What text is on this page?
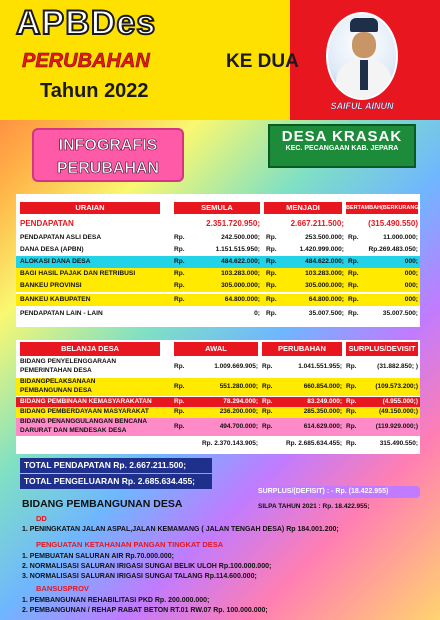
APBDes
PERUBAHAN	KE DUA
Tahun 2022
SAIFUL AINUN
INFOGRAFIS
PERUBAHAN
DESA KRASAK
KEC. PECANGAAN KAB. JEPARA
URAIAN	SEMULA	MENJADI	BERTAMBAH(BERKURANG)
PENDAPATAN	2.351.720.950;	2.667.211.500;	(315.490.550)
PENDAPATAN ASLI DESA	Rp.	242.500.000; Rp.	253.500.000; Rp.	11.000.000;
DANA DESA (APBN)	Rp.	1.151.515.950; Rp.	1.420.999.000;	Rp.269.483.050;
ALOKASI DANA DESA	Rp.	484.622.000; Rp.	484.622.000; Rp.	000;
BAGI HASIL PAJAK DAN RETRIBUSI	Rp.	103.283.000; Rp.	103.283.000; Rp.	000;
BANKEU PROVINSI	Rp.	305.000.000; Rp.	305.000.000; Rp.	000;
BANKEU KABUPATEN	Rp.	64.800.000; Rp.	64.800.000; Rp.	000;
PENDAPATAN LAIN - LAIN	0; Rp.	35.007.500; Rp.	35.007.500;
BELANJA DESA	AWAL	PERUBAHAN	SURPLUS/DEVISIT
BIDANG PENYELENGGARAAN
PEMERINTAHAN DESA
Rp.	1.009.669.905; Rp.	1.041.551.955; Rp.	(31.882.850; )
BIDANGPELAKSANAAN
PEMBANGUNAN DESA
Rp.	551.280.000; Rp.	660.854.000; Rp.	(109.573.200;)
BIDANG PEMBINAAN KEMASYARAKATAN	Rp.	78.294.000; Rp.	83.249.000; Rp.	(4.955.000;)
BIDANG PEMBERDAYAAN MASYARAKAT	Rp.	236.200.000; Rp.	285.350.000; Rp.	(49.150.000;)
BIDANG PENANGGULANGAN BENCANA
DARURAT DAN MENDESAK DESA
Rp.	494.700.000; Rp.	614.629.000; Rp.	(119.929.000;)
Rp. 2.370.143.905;	Rp. 2.685.634.455; Rp.	315.490.550;
TOTAL PENDAPATAN Rp. 2.667.211.500;
TOTAL PENGELUARAN Rp. 2.685.634.455;
SURPLUS/(DEFISIT) : - Rp. (18.422.955)
BIDANG PEMBANGUNAN DESA	SILPA TAHUN 2021 : Rp. 18.422.955;
DD
1. PENINGKATAN JALAN ASPAL,JALAN KEMAMANG ( JALAN TENGAH DESA) Rp 184.001.200;
PENGUATAN KETAHANAN PANGAN TINGKAT DESA
1. PEMBUATAN SALURAN AIR Rp.70.000.000;
2. NORMALISASI SALURAN IRIGASI SUNGAI BELIK ULOH Rp.100.000.000;
3. NORMALISASI SALURAN IRIGASI SUNGAI TALANG Rp.114.600.000;
BANSUSPROV
1. PEMBANGUNAN REHABILITASI PKD Rp. 200.000.000;
2. PEMBANGUNAN / REHAP RABAT BETON RT.01 RW.07 Rp. 100.000.000;
